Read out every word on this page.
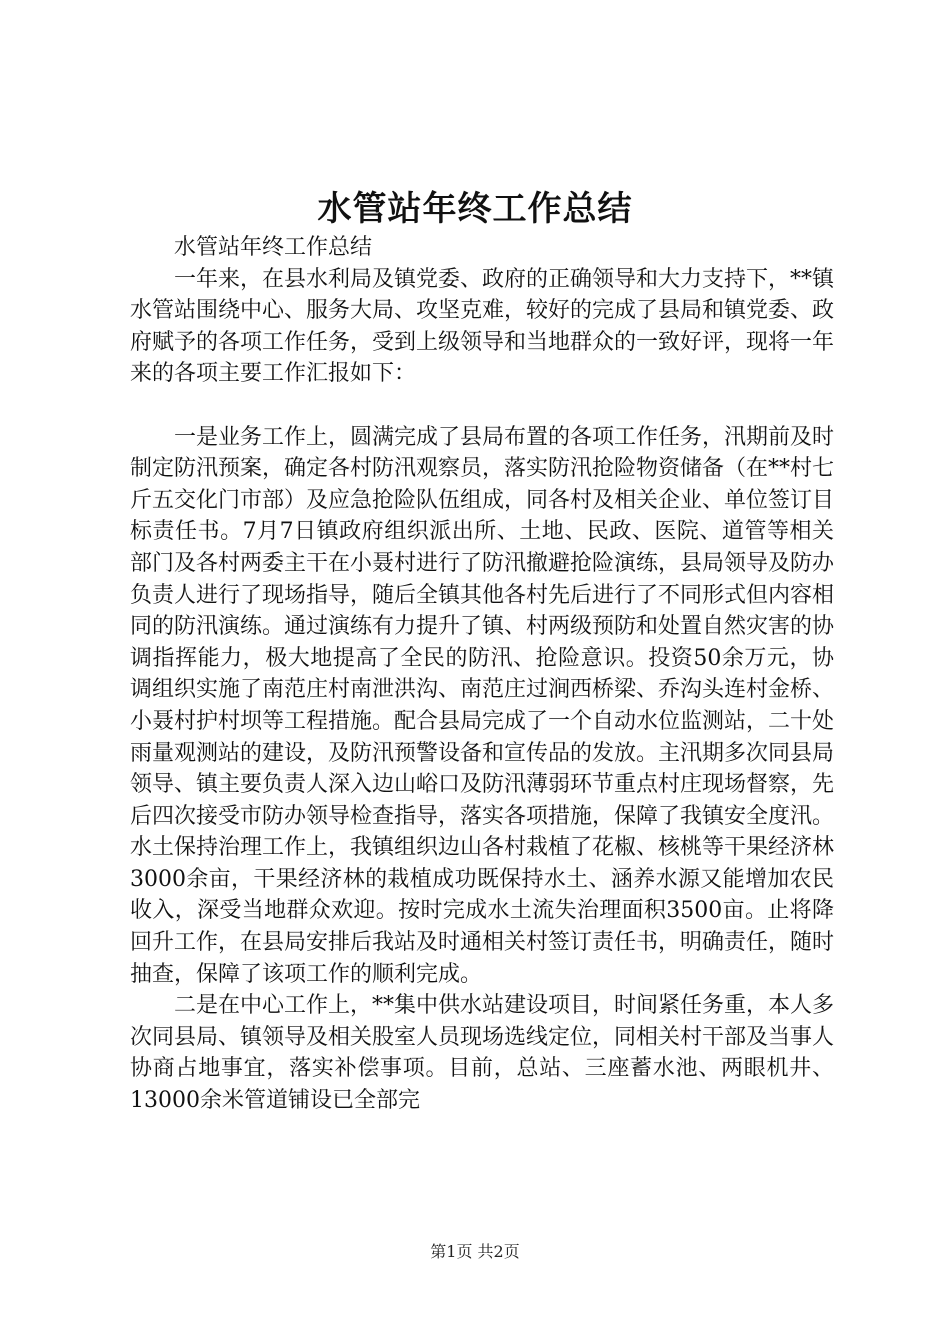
水管站年终工作总结

水管站年终工作总结

一年来，在县水利局及镇党委、政府的正确领导和大力支持下，**镇水管站围绕中心、服务大局、攻坚克难，较好的完成了县局和镇党委、政府赋予的各项工作任务，受到上级领导和当地群众的一致好评，现将一年来的各项主要工作汇报如下：

一是业务工作上，圆满完成了县局布置的各项工作任务，汛期前及时制定防汛预案，确定各村防汛观察员，落实防汛抢险物资储备（在**村七斤五交化门市部）及应急抢险队伍组成，同各村及相关企业、单位签订目标责任书。7月7日镇政府组织派出所、土地、民政、医院、道管等相关部门及各村两委主干在小聂村进行了防汛撤避抢险演练，县局领导及防办负责人进行了现场指导，随后全镇其他各村先后进行了不同形式但内容相同的防汛演练。通过演练有力提升了镇、村两级预防和处置自然灾害的协调指挥能力，极大地提高了全民的防汛、抢险意识。投资50余万元，协调组织实施了南范庄村南泄洪沟、南范庄过涧西桥梁、乔沟头连村金桥、小聂村护村坝等工程措施。配合县局完成了一个自动水位监测站，二十处雨量观测站的建设，及防汛预警设备和宣传品的发放。主汛期多次同县局领导、镇主要负责人深入边山峪口及防汛薄弱环节重点村庄现场督察，先后四次接受市防办领导检查指导，落实各项措施，保障了我镇安全度汛。水土保持治理工作上，我镇组织边山各村栽植了花椒、核桃等干果经济林3000余亩，干果经济林的栽植成功既保持水土、涵养水源又能增加农民收入，深受当地群众欢迎。按时完成水土流失治理面积3500亩。止将降回升工作，在县局安排后我站及时通相关村签订责任书，明确责任，随时抽查，保障了该项工作的顺利完成。

二是在中心工作上，**集中供水站建设项目，时间紧任务重，本人多次同县局、镇领导及相关股室人员现场选线定位，同相关村干部及当事人协商占地事宜，落实补偿事项。目前，总站、三座蓄水池、两眼机井、13000余米管道铺设已全部完

第1页 共2页
